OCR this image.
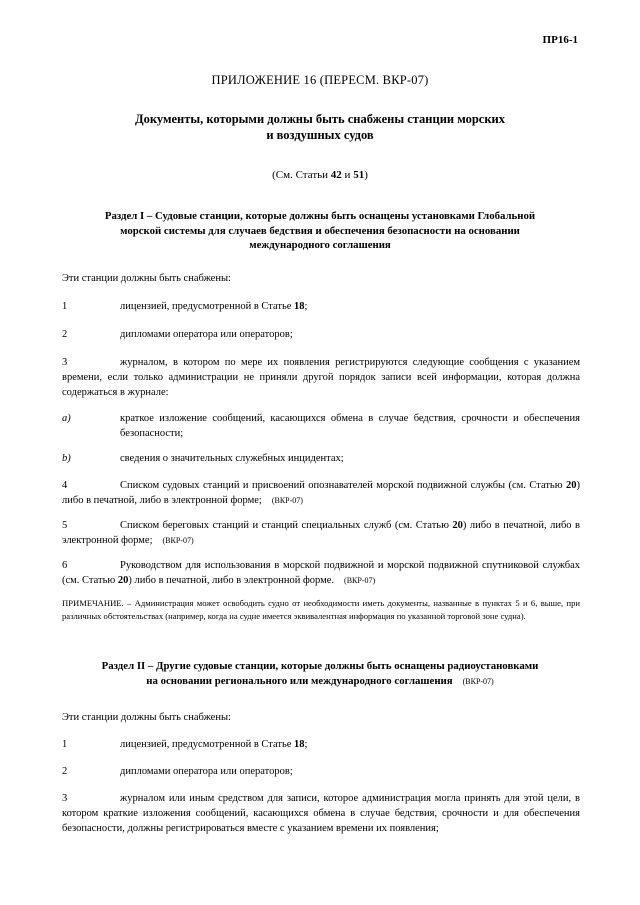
ПР16-1
ПРИЛОЖЕНИЕ 16 (ПЕРЕСМ. ВКР-07)
Документы, которыми должны быть снабжены станции морских
и воздушных судов
(См. Статьи 42 и 51)
Раздел I – Судовые станции, которые должны быть оснащены установками Глобальной
морской системы для случаев бедствия и обеспечения безопасности на основании
международного соглашения
Эти станции должны быть снабжены:
1	лицензией, предусмотренной в Статье 18;
2	дипломами оператора или операторов;
3	журналом, в котором по мере их появления регистрируются следующие сообщения с указанием времени, если только администрации не приняли другой порядок записи всей информации, которая должна содержаться в журнале:
a)	краткое изложение сообщений, касающихся обмена в случае бедствия, срочности и обеспечения безопасности;
b)	сведения о значительных служебных инцидентах;
4	Списком судовых станций и присвоений опознавателей морской подвижной службы (см. Статью 20) либо в печатной, либо в электронной форме; (ВКР-07)
5	Списком береговых станций и станций специальных служб (см. Статью 20) либо в печатной, либо в электронной форме; (ВКР-07)
6	Руководством для использования в морской подвижной и морской подвижной спутниковой службах (см. Статью 20) либо в печатной, либо в электронной форме. (ВКР-07)
ПРИМЕЧАНИЕ. – Администрация может освободить судно от необходимости иметь документы, названные в пунктах 5 и 6, выше, при различных обстоятельствах (например, когда на судне имеется эквивалентная информация по указанной торговой зоне судна).
Раздел II – Другие судовые станции, которые должны быть оснащены радиоустановками
на основании регионального или международного соглашения (ВКР-07)
Эти станции должны быть снабжены:
1	лицензией, предусмотренной в Статье 18;
2	дипломами оператора или операторов;
3	журналом или иным средством для записи, которое администрация могла принять для этой цели, в котором краткие изложения сообщений, касающихся обмена в случае бедствия, срочности и для обеспечения безопасности, должны регистрироваться вместе с указанием времени их появления;
